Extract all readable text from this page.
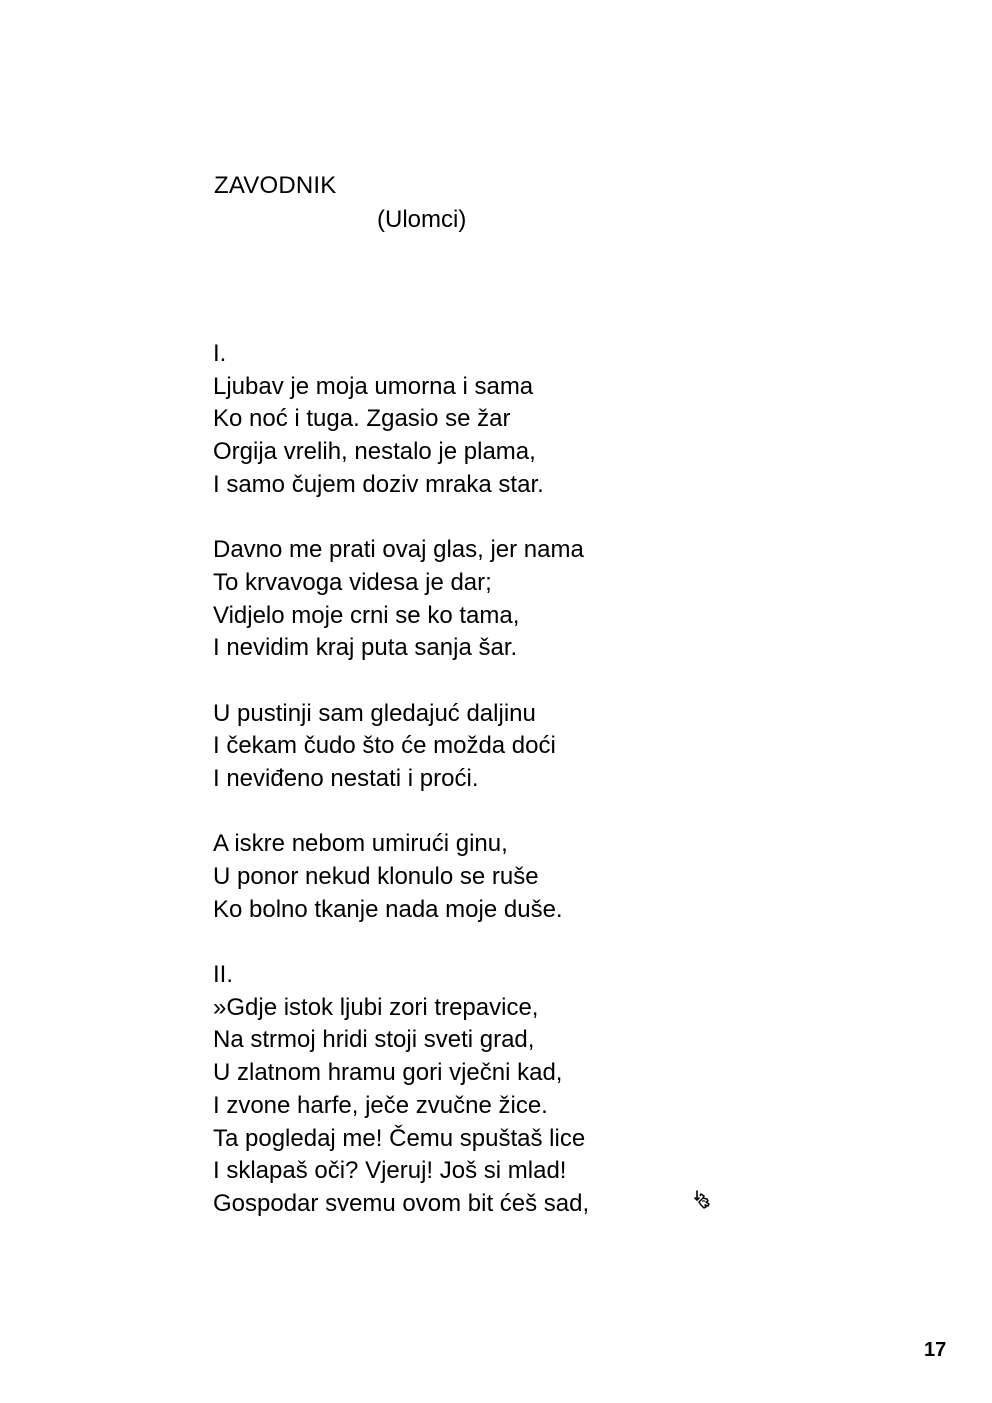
ZAVODNIK
(Ulomci)
I.
Ljubav je moja umorna i sama
Ko noć i tuga. Zgasio se žar
Orgija vrelih, nestalo je plama,
I samo čujem doziv mraka star.
Davno me prati ovaj glas, jer nama
To krvavoga videsa je dar;
Vidjelo moje crni se ko tama,
I nevidim kraj puta sanja šar.
U pustinji sam gledajuć daljinu
I čekam čudo što će možda doći
I neviđeno nestati i proći.
A iskre nebom umirući ginu,
U ponor nekud klonulo se ruše
Ko bolno tkanje nada moje duše.
II.
»Gdje istok ljubi zori trepavice,
Na strmoj hridi stoji sveti grad,
U zlatnom hramu gori vječni kad,
I zvone harfe, ječe zvučne žice.
Ta pogledaj me! Čemu spuštaš lice
I sklapaš oči? Vjeruj! Još si mlad!
Gospodar svemu ovom bit ćeš sad,
17
